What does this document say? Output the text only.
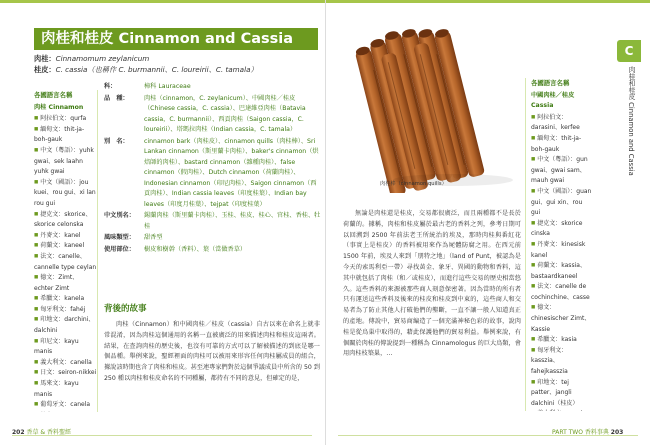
肉桂和桂皮 Cinnamon and Cassia
肉桂：Cinnamomum zeylanicum
桂皮：C. cassia（也稱作 C. burmannii、C. loureirii、C. tamala）
各國語言名稱
肉桂 Cinnamon
■ 阿拉伯文：qurfa
■ 緬甸文：thit-ja-boh-gauk
■ 中文（粵語）：yuhk gwai、sek laahn yuhk gwai
■ 中文（國語）：jou kuei、rou gui、xi lan rou gui
■ 捷克文：skorice、skorice celonska
■ 丹麥文：kanel
■ 荷蘭文：kaneel
■ 法文：canelle、cannelle type ceylan
■ 德文：Zimt、echter Zimt
■ 希臘文：kanela
■ 匈牙利文：fahéj
■ 印地文：darchini、dalchini
■ 印尼文：kayu manis
■ 義大利文：canella
■ 日文：seiron-nikkei
■ 馬來文：kayu manis
■ 葡萄牙文：canela
■
科：	樟科 Lauraceae
品　種：	肉桂（cinnamon，C. zeylanicum）、中國肉桂／桂皮（Chinese cassia，C. cassia）、巴達維亞肉桂（Batavia cassia，C. burmannii）、西貢肉桂（Saigon cassia，C. loureirii）、塔瑪拉肉桂（Indian cassia，C. tamala）
別　名：	cinnamon bark（肉桂皮）、cinnamon quills（肉桂棒）、Sri Lankan cinnamon（斯里蘭卡肉桂）、baker's cinnamon（烘焙師的肉桂）、bastard cinnamon（雜種肉桂）、false cinnamon（假肉桂）、Dutch cinnamon（荷蘭肉桂）、Indonesian cinnamon（印尼肉桂）、Saigon cinnamon（西貢肉桂）、Indian cassia leaves（印度桂葉）、Indian bay leaves（印度月桂葉）、tejpat（印度桂葉）
中文別名：	錫蘭肉桂（斯里蘭卡肉桂）、玉桂、桂皮、桂心、官桂、香桂、牡桂
風味類型：	甜香型
使用部位：	樹皮和樹幹（香料）、葉（當做香草）
背後的故事
肉桂（Cinnamon）和中國肉桂／桂皮（cassia）自古以來在命名上就非常混淆，因為肉桂這個通用的名稱一直被廣泛的用來描述肉桂和桂皮這兩者。結果，在查詢肉桂的歷史後，也沒有可靠的方式可以了解被描述的到底是哪一個品種。舉例來說，聖經裡面的肉桂可以被用來形容任何肉桂屬成員的組合，據說該時期也含了肉桂和桂皮。甚至連專家們對於這個爭議成員中所含的 50 到 250 種以肉桂和桂皮命名的不同種屬，都持有不同的意見，但確定的是，
肉桂棒（cinnamon quills）
無論是肉桂還是桂皮，交易都很廣泛，而且兩種都不是長於荷蘭的。據稱，肉桂和桂皮屬於最古老的香料之列，參考日期可以回溯到 2500 年前法老王所統治的埃及，那時肉桂與番紅花（事實上是桂皮）的香料被用來作為屍體防腐之用。在西元前 1500 年前，埃及人來到「朋特之地」（land of Punt，被認為是今天的索馬利亞一帶）尋找黃金、象牙、異國的動物和香料，這其中就包括了肉桂（和／或桂皮），而進行這些交易的歷史相當悠久。這些香料的來源被那些商人刻意保密著。因為當時的所有者只有運送這些香料及後來的桂皮和桂皮到中東的，這些商人和交易者為了防止其他人打破他們的壟斷，一直不讓一般人知道真正的產地。傳說中，貿易商編造了一個充滿神秘色彩的故事，說肉桂是從鳥巢中取得的，藉此保護他們的貿易利益。舉例來說，有個關於肉桂的傳說提到一種稱為 Cinnamologus 的巨大鳥類，會用肉桂枝築巢，…
各國語言名稱
中國肉桂／桂皮 Cassia
■ 阿拉伯文：darasini、kerfee
■ 緬甸文：thit-ja-boh-gauk
■ 中文（粵語）：gun gwai、gwai sam、mauh gwai
■ 中文（國語）：guan gui、gui xin、rou gui
■ 捷克文：skorice cinska
■ 丹麥文：kinesisk kanel
■ 荷蘭文：kassia、bastaardkaneel
■ 法文：canelle de cochinchine、casse
■ 德文：chinesischer Zimt、Kassie
■ 希臘文：kasia
■ 匈牙利文：kasszia、fahejkasszia
■ 印地文：tej patter、jangli dalchini（桂皮）
■
C
肉桂和桂皮 Cinnamon and Cassia
202 香草 & 香料聖經	PART TWO 香料事典 203
